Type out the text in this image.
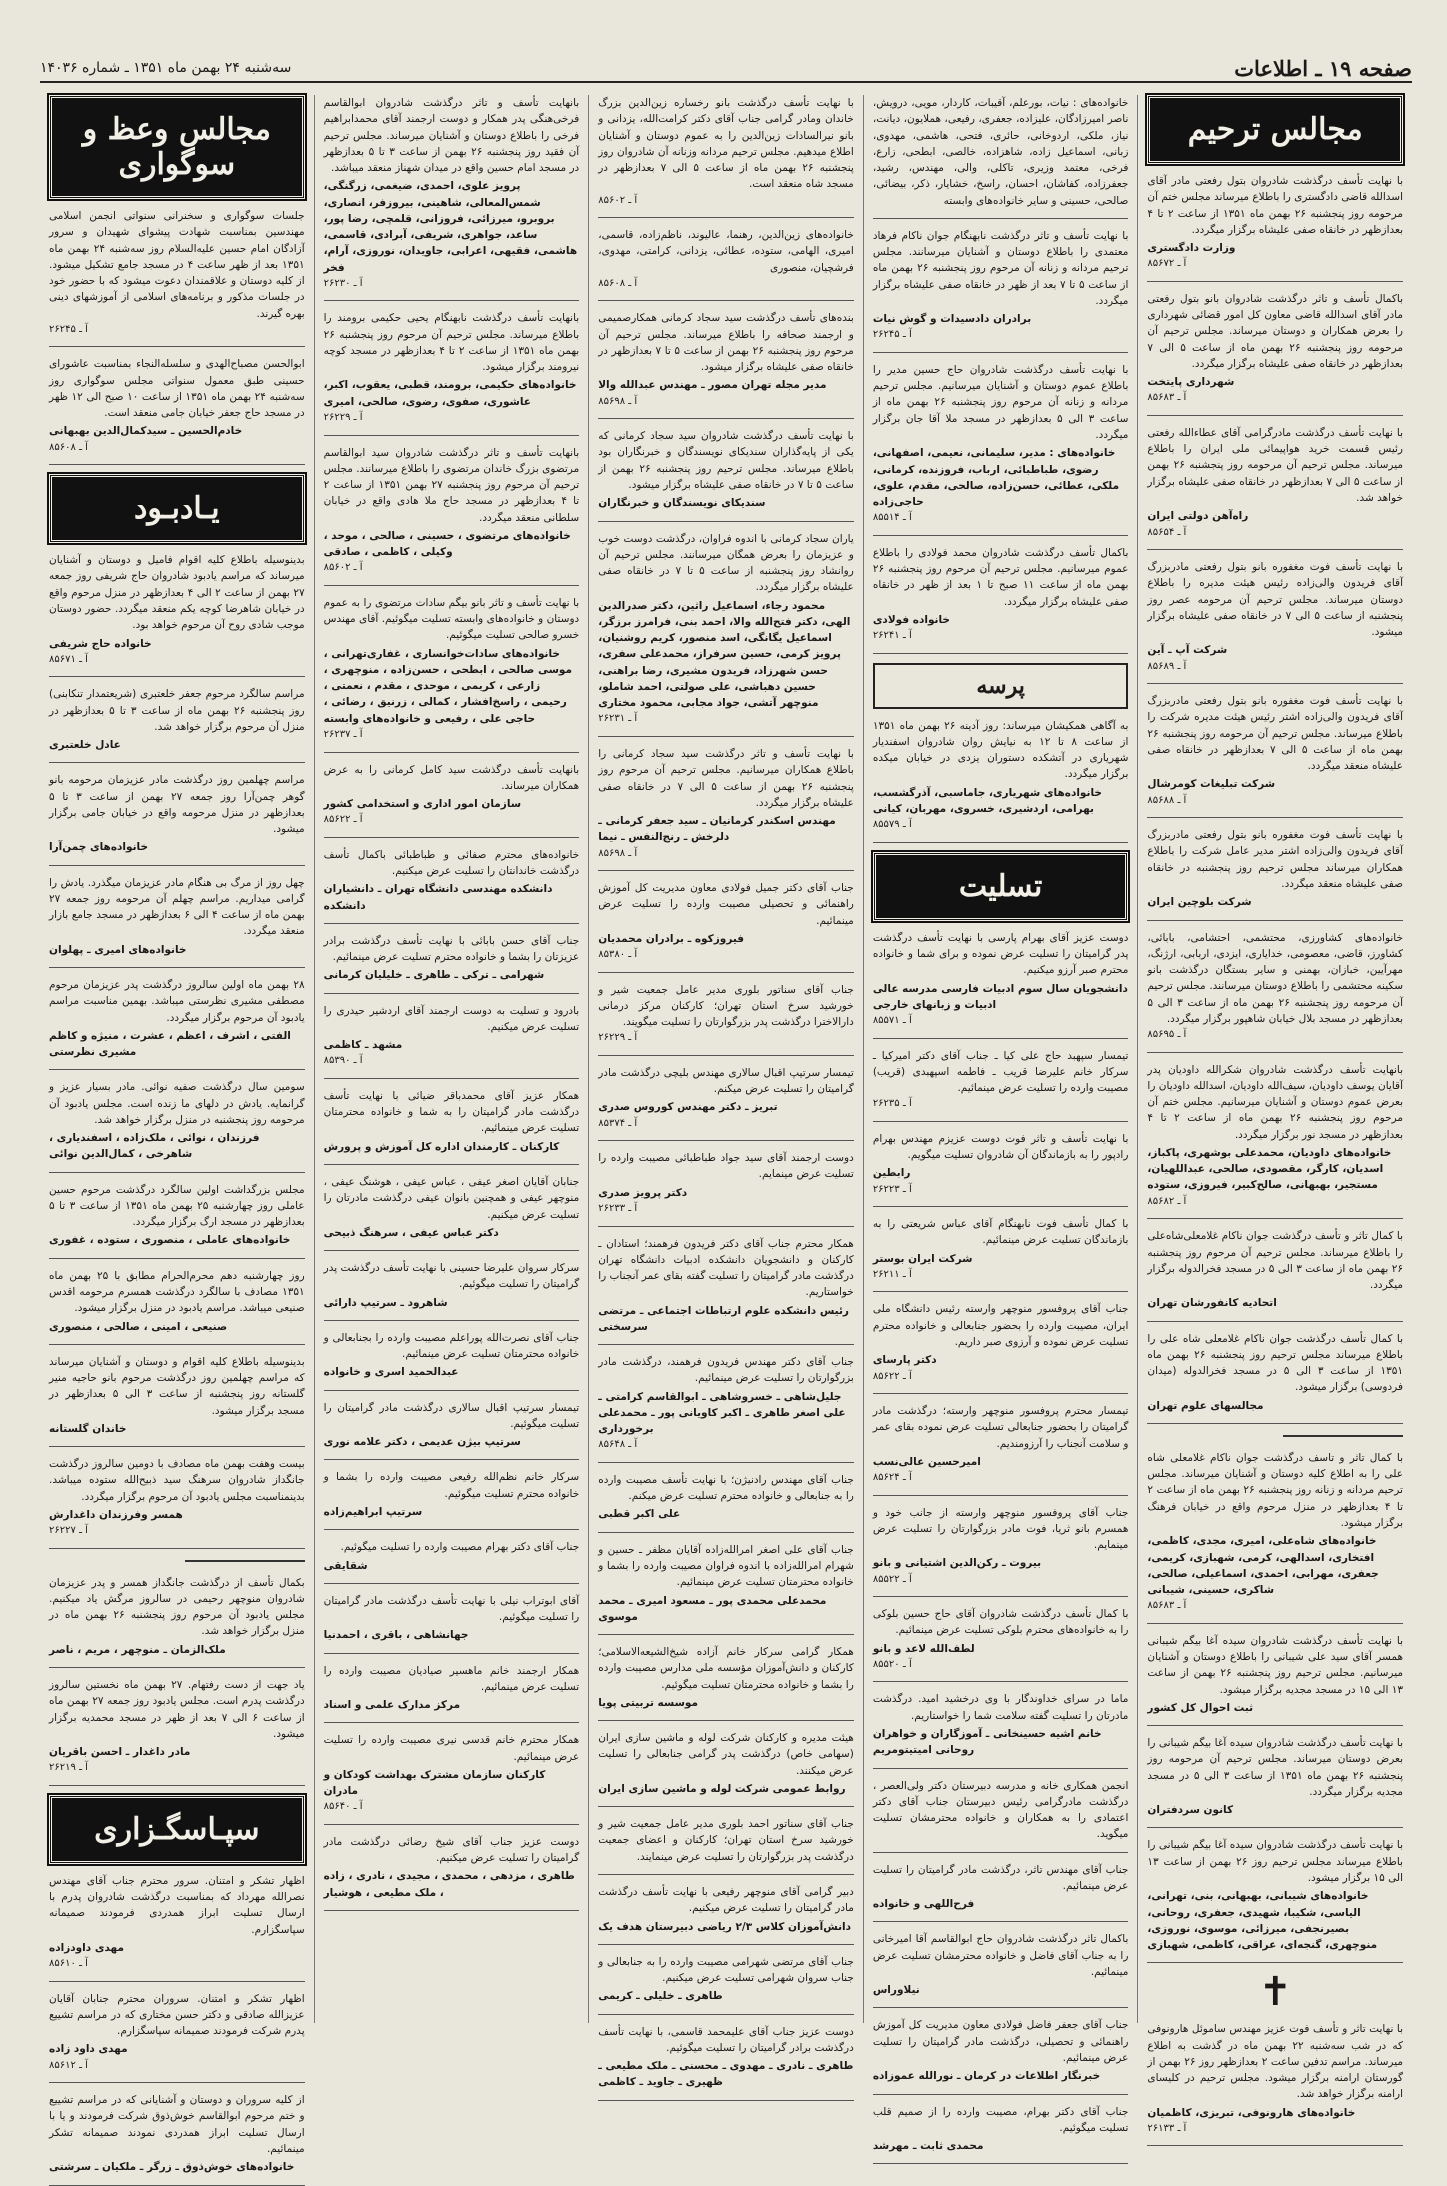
صفحه ۱۹ ـ اطلاعات
سه‌شنبه ۲۴ بهمن ماه ۱۳۵۱ ـ شماره ۱۴۰۳۶
مجالس ترحیم
با نهایت تأسف درگذشت شادروان بتول رفعتی مادر آقای اسدالله قاضی دادگستری را باطلاع میرساند مجلس ختم آن مرحومه روز پنجشنبه ۲۶ بهمن ماه ۱۳۵۱ از ساعت ۲ تا ۴ بعدازظهر در خانقاه صفی علیشاه برگزار میگردد.
وزارت دادگستری
آ ـ ۸۵۶۷۲
باکمال تأسف و تاثر درگذشت شادروان بانو بتول رفعتی مادر آقای اسدالله قاضی معاون کل امور قضائی شهرداری را بعرض همکاران و دوستان میرساند. مجلس ترحیم آن مرحومه روز پنجشنبه ۲۶ بهمن ماه از ساعت ۵ الی ۷ بعدازظهر در خانقاه صفی علیشاه برگزار میگردد.
شهرداری پایتخت
آ ـ ۸۵۶۸۳
با نهایت تأسف درگذشت مادرگرامی آقای عطاءالله رفعتی رئیس قسمت خرید هواپیمائی ملی ایران را باطلاع میرساند. مجلس ترحیم آن مرحومه روز پنجشنبه ۲۶ بهمن از ساعت ۵ الی ۷ بعدازظهر در خانقاه صفی علیشاه برگزار خواهد شد.
راه‌آهن دولتی ایران
آ ـ ۸۵۶۵۴
با نهایت تأسف فوت مغفوره بانو بتول رفعتی مادربزرگ آقای فریدون والی‌زاده رئیس هیئت مدیره را باطلاع دوستان میرساند. مجلس ترحیم آن مرحومه عصر روز پنجشنبه از ساعت ۵ الی ۷ در خانقاه صفی علیشاه برگزار میشود.
شرکت آپ ـ آین
آ ـ ۸۵۶۸۹
با نهایت تأسف فوت مغفوره بانو بتول رفعتی مادربزرگ آقای فریدون والی‌زاده اشتر رئیس هیئت مدیره شرکت را باطلاع میرساند. مجلس ترحیم آن مرحومه روز پنجشنبه ۲۶ بهمن ماه از ساعت ۵ الی ۷ بعدازظهر در خانقاه صفی علیشاه منعقد میگردد.
شرکت تبلیغات کومرشال
آ ـ ۸۵۶۸۸
با نهایت تأسف فوت مغفوره بانو بتول رفعتی مادربزرگ آقای فریدون والی‌زاده اشتر مدیر عامل شرکت را باطلاع همکاران میرساند مجلس ترحیم روز پنجشنبه در خانقاه صفی علیشاه منعقد میگردد.
شرکت بلوچین ایران
خانواده‌های کشاورزی، محتشمی، احتشامی، بابائی، کشاورز، قاضی، معصومی، خدایاری، ایزدی، اربابی، ارژنگ، مهرآیین، خبازان، بهمنی و سایر بستگان درگذشت بانو سکینه محتشمی را باطلاع دوستان میرسانند. مجلس ترحیم آن مرحومه روز پنجشنبه ۲۶ بهمن ماه از ساعت ۳ الی ۵ بعدازظهر در مسجد بلال خیابان شاهپور برگزار میگردد.
آ ـ ۸۵۶۹۵
بانهایت تأسف درگذشت شادروان شکرالله داودیان پدر آقایان یوسف داودیان، سیف‌الله داودیان، اسدالله داودیان را بعرض عموم دوستان و آشنایان میرسانیم. مجلس ختم آن مرحوم روز پنجشنبه ۲۶ بهمن ماه از ساعت ۲ تا ۴ بعدازظهر در مسجد نور برگزار میگردد.
خانواده‌های داودیان، محمدعلی بوشهری، پاکباز، اسدیان، کارگر، مقصودی، صالحی، عبداللهیان، مستجیر، بهبهانی، صالح‌کبیر، فیروزی، ستوده
آ ـ ۸۵۶۸۲
با کمال تاثر و تأسف درگذشت جوان ناکام غلامعلی‌شاه‌علی را باطلاع میرساند. مجلس ترحیم آن مرحوم روز پنجشنبه ۲۶ بهمن ماه از ساعت ۳ الی ۵ در مسجد فخرالدوله برگزار میگردد.
اتحادیه کانفورشان تهران
با کمال تأسف درگذشت جوان ناکام غلامعلی شاه علی را باطلاع میرساند مجلس ترحیم روز پنجشنبه ۲۶ بهمن ماه ۱۳۵۱ از ساعت ۳ الی ۵ در مسجد فخرالدوله (میدان فردوسی) برگزار میشود.
مجالسهای علوم تهران
با کمال تاثر و تاسف درگذشت جوان ناکام غلامعلی شاه علی را به اطلاع کلیه دوستان و آشنایان میرساند. مجلس ترحیم مردانه و زنانه روز پنجشنبه ۲۶ بهمن ماه از ساعت ۲ تا ۴ بعدازظهر در منزل مرحوم واقع در خیابان فرهنگ برگزار میشود.
خانواده‌های شاه‌علی، امیری، مجدی، کاظمی، افتخاری، اسدالهی، کرمی، شهبازی، کریمی، جعفری، مهرابی، احمدی، اسماعیلی، صالحی، شاکری، حسینی، شیبانی
آ ـ ۸۵۶۸۳
با نهایت تأسف درگذشت شادروان سیده آغا بیگم شیبانی همسر آقای سید علی شیبانی را باطلاع دوستان و آشنایان میرسانیم. مجلس ترحیم روز پنجشنبه ۲۶ بهمن از ساعت ۱۳ الی ۱۵ در مسجد مجدیه برگزار میشود.
ثبت احوال کل کشور
با نهایت تأسف درگذشت شادروان سیده آغا بیگم شیبانی را بعرض دوستان میرساند. مجلس ترحیم آن مرحومه روز پنجشنبه ۲۶ بهمن ماه ۱۳۵۱ از ساعت ۳ الی ۵ در مسجد مجدیه برگزار میگردد.
کانون سردفتران
با نهایت تأسف درگذشت شادروان سیده آغا بیگم شیبانی را باطلاع میرساند مجلس ترحیم روز ۲۶ بهمن از ساعت ۱۳ الی ۱۵ برگزار میشود.
خانواده‌های شیبانی، بهبهانی، بنی، تهرانی، الیاسی، شکیبا، شهیدی، جعفری، روحانی، بصیرنجفی، میرزائی، موسوی، نوروزی، منوچهری، گنجه‌ای، عراقی، کاظمی، شهبازی
✝
با نهایت تاثر و تأسف فوت عزیز مهندس ساموئل هارونوفی که در شب سه‌شنبه ۲۲ بهمن ماه در گذشت به اطلاع میرساند. مراسم تدفین ساعت ۲ بعدازظهر روز ۲۶ بهمن از گورستان ارامنه برگزار میشود. مجلس ترحیم در کلیسای ارامنه برگزار خواهد شد.
خانواده‌های هارونوفی، تبریزی، کاظمیان
آ ـ ۲۶۱۳۳
خانواده‌های : نیات، بورعلم، آقیبات، کاردار، مویی، درویش، ناصر امیرزادگان، علیزاده، جعفری، رفیعی، هملایون، دیانت، نیاز، ملکی، اردوخانی، حائری، فتحی، هاشمی، مهدوی، زبانی، اسماعیل زاده، شاهزاده، خالصی، ابطحی، زارع، فرخی، معتمد وزیری، تاکلی، والی، مهندس، رشید، جعفرزاده، کفاشان، احسان، راسخ، خشایار، ذکر، بیضائی، صالحی، حسینی و سایر خانواده‌های وابسته
با نهایت تأسف و تاثر درگذشت نابهنگام جوان ناکام فرهاد معتمدی را باطلاع دوستان و آشنایان میرسانند. مجلس ترحیم مردانه و زنانه آن مرحوم روز پنجشنبه ۲۶ بهمن ماه از ساعت ۵ تا ۷ بعد از ظهر در خانقاه صفی علیشاه برگزار میگردد.
برادران دادسیدات و گوش نیات
آ ـ ۲۶۲۴۵
با نهایت تأسف درگذشت شادروان حاج حسین مدیر را باطلاع عموم دوستان و آشنایان میرسانیم. مجلس ترحیم مردانه و زنانه آن مرحوم روز پنجشنبه ۲۶ بهمن ماه از ساعت ۳ الی ۵ بعدازظهر در مسجد ملا آقا جان برگزار میگردد.
خانواده‌های : مدیر، سلیمانی، نعیمی، اصفهانی، رضوی، طباطبائی، ارباب، فروزنده، کرمانی، ملکی، عطائی، حسن‌زاده، صالحی، مقدم، علوی، حاجی‌زاده
آ ـ ۸۵۵۱۴
باکمال تأسف درگذشت شادروان محمد فولادی را باطلاع عموم میرسانیم. مجلس ترحیم آن مرحوم روز پنجشنبه ۲۶ بهمن ماه از ساعت ۱۱ صبح تا ۱ بعد از ظهر در خانقاه صفی علیشاه برگزار میگردد.
خانواده فولادی
آ ـ ۲۶۲۴۱
پرسه
به آگاهی همکیشان میرساند: روز آدینه ۲۶ بهمن ماه ۱۳۵۱ از ساعت ۸ تا ۱۲ به نیایش روان شادروان اسفندیار شهریاری در آتشکده دستوران یزدی در خیابان میکده برگزار میگردد.
خانواده‌های شهریاری، جاماسبی، آذرگشسب، بهرامی، اردشیری، خسروی، مهربان، کیانی
آ ـ ۸۵۵۷۹
تسلیت
دوست عزیز آقای بهرام پارسی با نهایت تأسف درگذشت پدر گرامیتان را تسلیت عرض نموده و برای شما و خانواده محترم صبر آرزو میکنیم.
دانشجویان سال سوم ادبیات فارسی مدرسه عالی ادبیات و زبانهای خارجی
آ ـ ۸۵۵۷۱
تیمسار سپهبد حاج علی کیا ـ جناب آقای دکتر امیرکیا ـ سرکار خانم علیرضا قریب ـ فاطمه اسپهبدی (قریب) مصیبت وارده را تسلیت عرض مینمائیم.
آ ـ ۲۶۲۳۵
با نهایت تأسف و تاثر فوت دوست عزیزم مهندس بهرام رادپور را به بازماندگان آن شادروان تسلیت میگویم.
رابطین
آ ـ ۲۶۲۲۳
با کمال تأسف فوت نابهنگام آقای عباس شریعتی را به بازماندگان تسلیت عرض مینمائیم.
شرکت ایران بوستر
آ ـ ۲۶۲۱۱
جناب آقای پروفسور منوچهر وارسته رئیس دانشگاه ملی ایران، مصیبت وارده را بحضور جنابعالی و خانواده محترم تسلیت عرض نموده و آرزوی صبر داریم.
دکتر پارسای
آ ـ ۸۵۶۲۲
تیمسار محترم پروفسور منوچهر وارسته؛ درگذشت مادر گرامیتان را بحضور جنابعالی تسلیت عرض نموده بقای عمر و سلامت آنجناب را آرزومندیم.
امیرحسین عالی‌نسب
آ ـ ۸۵۶۲۴
جناب آقای پروفسور منوچهر وارسته از جانب خود و همسرم بانو ثریا، فوت مادر بزرگوارتان را تسلیت عرض مینمایم.
بیروت ـ رکن‌الدین اشتیانی و بانو
آ ـ ۸۵۵۲۲
با کمال تأسف درگذشت شادروان آقای حاج حسین بلوکی را به خانواده‌های محترم بلوکی تسلیت عرض مینمائیم.
لطف‌الله لاعد و بانو
آ ـ ۸۵۵۲۰
ماما در سرای خداوندگار با وی درخشید امید. درگذشت مادرتان را تسلیت گفته سلامت شما را خواستاریم.
خانم اشیه حسینخانی ـ آموزگاران و خواهران روحانی امیتیتومریم
انجمن همکاری خانه و مدرسه دبیرستان دکتر ولی‌العصر ، درگذشت مادرگرامی رئیس دبیرستان جناب آقای دکتر اعتمادی را به همکاران و خانواده محترمشان تسلیت میگوید.
جناب آقای مهندس تاثر، درگذشت مادر گرامیتان را تسلیت عرض مینمائیم.
فرح‌اللهی و خانواده
باکمال تاثر درگذشت شادروان حاج ابوالقاسم آقا امیرخانی را به جناب آقای فاضل و خانواده محترمشان تسلیت عرض مینمائیم.
نیلاوراس
جناب آقای جعفر فاضل فولادی معاون مدیریت کل آموزش راهنمائی و تحصیلی، درگذشت مادر گرامیتان را تسلیت عرض مینمائیم.
خبرنگار اطلاعات در کرمان ـ نورالله عموزاده
جناب آقای دکتر بهرام، مصیبت وارده را از صمیم قلب تسلیت میگوئیم.
محمدی ثابت ـ مهرشد
با نهایت تأسف درگذشت بانو رخساره زین‌الدین بزرگ خاندان ومادر گرامی جناب آقای دکتر کرامت‌الله، یزدانی و بانو نیرالسادات زین‌الدین را به عموم دوستان و آشنایان اطلاع میدهیم. مجلس ترحیم مردانه وزنانه آن شادروان روز پنجشنبه ۲۶ بهمن ماه از ساعت ۵ الی ۷ بعدازظهر در مسجد شاه منعقد است.
آ ـ ۸۵۶۰۲
خانواده‌های زین‌الدین، رهنما، عالیوند، ناظم‌زاده، قاسمی، امیری، الهامی، ستوده، عطائی، یزدانی، کرامتی، مهدوی، فرشچیان، منصوری
آ ـ ۸۵۶۰۸
بنده‌های تأسف درگذشت سید سجاد کرمانی همکارصمیمی و ارجمند صحافه را باطلاع میرساند. مجلس ترحیم آن مرحوم روز پنجشنبه ۲۶ بهمن از ساعت ۵ تا ۷ بعدازظهر در خانقاه صفی علیشاه برگزار میشود.
مدیر مجله تهران مصور ـ مهندس عبدالله والا
آ ـ ۸۵۶۹۸
با نهایت تأسف درگذشت شادروان سید سجاد کرمانی که یکی از پایه‌گذاران سندیکای نویسندگان و خبرنگاران بود باطلاع میرساند. مجلس ترحیم روز پنجشنبه ۲۶ بهمن از ساعت ۵ تا ۷ در خانقاه صفی علیشاه برگزار میشود.
سندیکای نویسندگان و خبرنگاران
یاران سجاد کرمانی با اندوه فراوان، درگذشت دوست خوب و عزیزمان را بعرض همگان میرسانند. مجلس ترحیم آن روانشاد روز پنجشنبه از ساعت ۵ تا ۷ در خانقاه صفی علیشاه برگزار میگردد.
محمود رجاء، اسماعیل راثین، دکتر صدرالدین الهی، دکتر فتح‌الله والا، احمد بنی، فرامرز برزگر، اسماعیل یگانگی، اسد منصور، کریم روشنیان، پرویز کرمی، حسین سرفراز، محمدعلی سفری، حسن شهرزاد، فریدون مشیری، رضا براهنی، حسین دهباشی، علی صولتی، احمد شاملو، منوچهر آتشی، جواد مجابی، محمود مختاری
آ ـ ۲۶۲۳۱
با نهایت تأسف و تاثر درگذشت سید سجاد کرمانی را باطلاع همکاران میرسانیم. مجلس ترحیم آن مرحوم روز پنجشنبه ۲۶ بهمن از ساعت ۵ الی ۷ در خانقاه صفی علیشاه برگزار میگردد.
مهندس اسکندر کرمانیان ـ سید جعفر کرمانی ـ دلرخش ـ رنج‌النفس ـ نیما
آ ـ ۸۵۶۹۸
جناب آقای دکتر جمیل فولادی معاون مدیریت کل آموزش راهنمائی و تحصیلی مصیبت وارده را تسلیت عرض مینمائیم.
فیروزکوه ـ برادران محمدیان
آ ـ ۸۵۳۸۰
جناب آقای سناتور بلوری مدیر عامل جمعیت شیر و خورشید سرخ استان تهران؛ کارکنان مرکز درمانی دارالاخترا درگذشت پدر بزرگوارتان را تسلیت میگویند.
آ ـ ۲۶۲۲۹
تیمسار سرتیپ اقبال سالاری مهندس بلیچی درگذشت مادر گرامیتان را تسلیت عرض میکنم.
تبریز ـ دکتر مهندس کوروس صدری
آ ـ ۸۵۳۷۴
دوست ارجمند آقای سید جواد طباطبائی مصیبت وارده را تسلیت عرض مینمایم.
دکتر پرویز صدری
آ ـ ۲۶۲۳۳
همکار محترم جناب آقای دکتر فریدون فرهمند؛ استادان ـ کارکنان و دانشجویان دانشکده ادبیات دانشگاه تهران درگذشت مادر گرامیتان را تسلیت گفته بقای عمر آنجناب را خواستاریم.
رئیس دانشکده علوم ارتباطات اجتماعی ـ مرتضی سرسختی
جناب آقای دکتر مهندس فریدون فرهمند، درگذشت مادر بزرگوارتان را تسلیت عرض مینمائیم.
جلیل‌شاهی ـ خسروشاهی ـ ابوالقاسم کرامتی ـ علی اصغر طاهری ـ اکبر کاویانی پور ـ محمدعلی برخورداری
آ ـ ۸۵۶۴۸
جناب آقای مهندس رادنیژن؛ با نهایت تأسف مصیبت وارده را به جنابعالی و خانواده محترم تسلیت عرض میکنم.
علی اکبر قطبی
جناب آقای علی اصغر امرالله‌زاده آقایان مظفر ـ حسین و شهرام امرالله‌زاده با اندوه فراوان مصیبت وارده را بشما و خانواده محترمتان تسلیت عرض مینمائیم.
محمدعلی محمدی پور ـ مسعود امیری ـ محمد موسوی
همکار گرامی سرکار خانم آزاده شیخ‌الشیعه‌الاسلامی؛ کارکنان و دانش‌آموزان مؤسسه ملی مدارس مصیبت وارده را بشما و خانواده محترمتان تسلیت میگوئیم.
موسسه تربیتی پویا
هیئت مدیره و کارکنان شرکت لوله و ماشین سازی ایران (سهامی خاص) درگذشت پدر گرامی جنابعالی را تسلیت عرض میکنند.
روابط عمومی شرکت لوله و ماشین سازی ایران
جناب آقای سناتور احمد بلوری مدیر عامل جمعیت شیر و خورشید سرخ استان تهران؛ کارکنان و اعضای جمعیت درگذشت پدر بزرگوارتان را تسلیت عرض مینمایند.
دبیر گرامی آقای منوچهر رفیعی با نهایت تأسف درگذشت مادر گرامیتان را تسلیت عرض میکنیم.
دانش‌آموزان کلاس ۲/۳ ریاضی دبیرستان هدف یک
جناب آقای مرتضی شهرامی مصیبت وارده را به جنابعالی و جناب سروان شهرامی تسلیت عرض میکنیم.
طاهری ـ خلیلی ـ کریمی
دوست عزیز جناب آقای علیمحمد قاسمی، با نهایت تأسف درگذشت برادر گرامیتان را تسلیت میگوئیم.
طاهری ـ نادری ـ مهدوی ـ محسنی ـ ملک مطیعی ـ ظهیری ـ جاوید ـ کاظمی
بانهایت تأسف و تاثر درگذشت شادروان ابوالقاسم فرخی‌هنگی پدر همکار و دوست ارجمند آقای محمدابراهیم فرخی را باطلاع دوستان و آشنایان میرساند. مجلس ترحیم آن فقید روز پنجشنبه ۲۶ بهمن از ساعت ۳ تا ۵ بعدازظهر در مسجد امام حسین واقع در میدان شهناز منعقد میباشد.
پرویز علوی، احمدی، ضیغمی، زرگنگی، شمس‌المعالی، شاهینی، بیروزفر، انصاری، بروبرو، میرزائی، فروزانی، قلمچی، رضا پور، ساعد، جواهری، شریفی، آبرادی، قاسمی، هاشمی، فقیهی، اعرابی، جاویدان، نوروزی، آرام، فخر
آ ـ ۲۶۲۳۰
بانهایت تأسف درگذشت نابهنگام یحیی حکیمی برومند را باطلاع میرساند. مجلس ترحیم آن مرحوم روز پنجشنبه ۲۶ بهمن ماه ۱۳۵۱ از ساعت ۲ تا ۴ بعدازظهر در مسجد کوچه نیرومند برگزار میشود.
خانواده‌های حکیمی، برومند، قطبی، یعقوب، اکبر، عاشوری، صفوی، رضوی، صالحی، امیری
آ ـ ۲۶۲۲۹
بانهایت تأسف و تاثر درگذشت شادروان سید ابوالقاسم مرتضوی بزرگ خاندان مرتضوی را باطلاع میرسانند. مجلس ترحیم آن مرحوم روز پنجشنبه ۲۷ بهمن ۱۳۵۱ از ساعت ۲ تا ۴ بعدازظهر در مسجد حاج ملا هادی واقع در خیابان سلطانی منعقد میگردد.
خانواده‌های مرتضوی ، حسینی ، صالحی ، موحد ، وکیلی ، کاظمی ، صادقی
آ ـ ۸۵۶۰۲
با نهایت تأسف و تاثر بانو بیگم سادات مرتضوی را به عموم دوستان و خانواده‌های وابسته تسلیت میگوئیم. آقای مهندس خسرو صالحی تسلیت میگوئیم.
خانواده‌های سادات‌خوانساری ، غفاری‌تهرانی ، موسی صالحی ، ابطحی ، حسن‌زاده ، منوچهری ، زارعی ، کریمی ، موحدی ، مقدم ، نعمتی ، رحیمی ، راسخ‌افشار ، کمالی ، زرنیق ، رضائی ، حاجی علی ، رفیعی و خانواده‌های وابسته
آ ـ ۲۶۲۳۷
بانهایت تأسف درگذشت سید کامل کرمانی را به عرض همکاران میرساند.
سازمان امور اداری و استخدامی کشور
آ ـ ۸۵۶۲۲
خانواده‌های محترم صفائی و طباطبائی باکمال تأسف درگذشت خاندانتان را تسلیت عرض میکنیم.
دانشکده مهندسی دانشگاه تهران ـ دانشیاران دانشکده
جناب آقای حسن بابائی با نهایت تأسف درگذشت برادر عزیزتان را بشما و خانواده محترم تسلیت عرض مینمائیم.
شهرامی ـ ترکی ـ طاهری ـ خلیلیان کرمانی
بادرود و تسلیت به دوست ارجمند آقای اردشیر حیدری را تسلیت عرض میکنیم.
مشهد ـ کاظمی
آ ـ ۸۵۳۹۰
همکار عزیز آقای محمدباقر ضیائی با نهایت تأسف درگذشت مادر گرامیتان را به شما و خانواده محترمتان تسلیت عرض مینمائیم.
کارکنان ـ کارمندان اداره کل آموزش و پرورش
جنابان آقایان اصغر عیفی ، عباس عیفی ، هوشنگ عیفی ، منوچهر عیفی و همچنین بانوان عیفی درگذشت مادرتان را تسلیت عرض میکنیم.
دکتر عباس عیفی ، سرهنگ ذبیحی
سرکار سروان علیرضا حسینی با نهایت تأسف درگذشت پدر گرامیتان را تسلیت میگوئیم.
شاهرود ـ سرتیپ دارائی
جناب آقای نصرت‌الله پوراعلم مصیبت وارده را بجنابعالی و خانواده محترمتان تسلیت عرض مینمائیم.
عبدالحمید اسری و خانواده
تیمسار سرتیپ اقبال سالاری درگذشت مادر گرامیتان را تسلیت میگوئیم.
سرتیپ بیژن عدیمی ، دکتر علامه نوری
سرکار خانم نظم‌الله رفیعی مصیبت وارده را بشما و خانواده محترم تسلیت میگوئیم.
سرتیپ ابراهیم‌زاده
جناب آقای دکتر بهرام مصیبت وارده را تسلیت میگوئیم.
شقایقی
آقای ابوتراب نیلی با نهایت تأسف درگذشت مادر گرامیتان را تسلیت میگوئیم.
جهانشاهی ، باقری ، احمدنیا
همکار ارجمند خانم ماهسیر صیادیان مصیبت وارده را تسلیت عرض مینمائیم.
مرکز مدارک علمی و اسناد
همکار محترم خانم قدسی نیری مصیبت وارده را تسلیت عرض مینمائیم.
کارکنان سازمان مشترک بهداشت کودکان و مادران
آ ـ ۸۵۶۴۰
دوست عزیز جناب آقای شیخ رضائی درگذشت مادر گرامیتان را تسلیت عرض میکنیم.
طاهری ، مزدهی ، محمدی ، مجیدی ، نادری ، زاده ، ملک مطیعی ، هوشیار
مجالس وعظ و سوگواری
جلسات سوگواری و سخنرانی سنواتی انجمن اسلامی مهندسین بمناسبت شهادت پیشوای شهیدان و سرور آزادگان امام حسین علیه‌السلام روز سه‌شنبه ۲۴ بهمن ماه ۱۳۵۱ بعد از ظهر ساعت ۴ در مسجد جامع تشکیل میشود. از کلیه دوستان و علاقمندان دعوت میشود که با حضور خود در جلسات مذکور و برنامه‌های اسلامی از آموزشهای دینی بهره گیرند.
آ ـ ۲۶۲۴۵
ابوالحسن مصباح‌الهدی و سلسله‌النجاء بمناسبت عاشورای حسینی طبق معمول سنواتی مجلس سوگواری روز سه‌شنبه ۲۴ بهمن ماه ۱۳۵۱ از ساعت ۱۰ صبح الی ۱۲ ظهر در مسجد حاج جعفر خیابان جامی منعقد است.
خادم‌الحسین ـ سیدکمال‌الدین بهبهانی
آ ـ ۸۵۶۰۸
یـادبـود
بدینوسیله باطلاع کلیه اقوام فامیل و دوستان و آشنایان میرساند که مراسم یادبود شادروان حاج شریفی روز جمعه ۲۷ بهمن از ساعت ۲ الی ۴ بعدازظهر در منزل مرحوم واقع در خیابان شاهرضا کوچه یکم منعقد میگردد. حضور دوستان موجب شادی روح آن مرحوم خواهد بود.
خانواده حاج شریفی
آ ـ ۸۵۶۷۱
مراسم سالگرد مرحوم جعفر خلعتبری (شریعتمدار تنکابنی) روز پنجشنبه ۲۶ بهمن ماه از ساعت ۳ تا ۵ بعدازظهر در منزل آن مرحوم برگزار خواهد شد.
عادل خلعتبری
مراسم چهلمین روز درگذشت مادر عزیزمان مرحومه بانو گوهر چمن‌آرا روز جمعه ۲۷ بهمن از ساعت ۳ تا ۵ بعدازظهر در منزل مرحومه واقع در خیابان جامی برگزار میشود.
خانواده‌های چمن‌آرا
چهل روز از مرگ بی هنگام مادر عزیزمان میگذرد. یادش را گرامی میداریم. مراسم چهلم آن مرحومه روز جمعه ۲۷ بهمن ماه از ساعت ۴ الی ۶ بعدازظهر در مسجد جامع بازار منعقد میگردد.
خانواده‌های امیری ـ پهلوان
۲۸ بهمن ماه اولین سالروز درگذشت پدر عزیزمان مرحوم مصطفی مشیری نظرستی میباشد. بهمین مناسبت مراسم یادبود آن مرحوم برگزار میگردد.
الفتی ، اشرف ، اعظم ، عشرت ، منیژه و کاظم مشیری نظرستی
سومین سال درگذشت صفیه نوائی. مادر بسیار عزیز و گرانمایه. یادش در دلهای ما زنده است. مجلس یادبود آن مرحومه روز پنجشنبه در منزل برگزار خواهد شد.
فرزندان ، نوائی ، ملک‌زاده ، اسفندیاری ، شاهرخی ، کمال‌الدین نوائی
مجلس بزرگداشت اولین سالگرد درگذشت مرحوم حسین عاملی روز چهارشنبه ۲۵ بهمن ماه ۱۳۵۱ از ساعت ۳ تا ۵ بعدازظهر در مسجد ارگ برگزار میگردد.
خانواده‌های عاملی ، منصوری ، ستوده ، غفوری
روز چهارشنبه دهم محرم‌الحرام مطابق با ۲۵ بهمن ماه ۱۳۵۱ مصادف با سالگرد درگذشت همسرم مرحومه اقدس صنیعی میباشد. مراسم یادبود در منزل برگزار میشود.
صنیعی ، امینی ، صالحی ، منصوری
بدینوسیله باطلاع کلیه اقوام و دوستان و آشنایان میرساند که مراسم چهلمین روز درگذشت مرحوم بانو حاجیه منیر گلستانه روز پنجشنبه از ساعت ۳ الی ۵ بعدازظهر در مسجد برگزار میشود.
خاندان گلستانه
بیست وهفت بهمن ماه مصادف با دومین سالروز درگذشت جانگداز شادروان سرهنگ سید ذبیح‌الله ستوده میباشد. بدینمناسبت مجلس یادبود آن مرحوم برگزار میگردد.
همسر وفرزندان داغدارش
آ ـ ۲۶۲۲۷
بکمال تأسف از درگذشت جانگداز همسر و پدر عزیزمان شادروان منوچهر رحیمی در سالروز مرگش یاد میکنیم. مجلس یادبود آن مرحوم روز پنجشنبه ۲۶ بهمن ماه در منزل برگزار خواهد شد.
ملک‌الزمان ـ منوچهر ، مریم ، ناصر
یاد جهت از دست رفتهام. ۲۷ بهمن ماه نخستین سالروز درگذشت پدرم است. مجلس یادبود روز جمعه ۲۷ بهمن ماه از ساعت ۶ الی ۷ بعد از ظهر در مسجد محمدیه برگزار میشود.
مادر داغدار ـ احسن باقریان
آ ـ ۲۶۲۱۹
سپـاسگـزاری
اظهار تشکر و امتنان. سرور محترم جناب آقای مهندس نصرالله مهرداد که بمناسبت درگذشت شادروان پدرم با ارسال تسلیت ابراز همدردی فرمودند صمیمانه سپاسگزارم.
مهدی داودزاده
آ ـ ۸۵۶۱۰
اظهار تشکر و امتنان. سروران محترم جنابان آقایان عزیزالله صادقی و دکتر حسن مختاری که در مراسم تشییع پدرم شرکت فرمودند صمیمانه سپاسگزارم.
مهدی داود زاده
آ ـ ۸۵۶۱۲
از کلیه سروران و دوستان و آشنایانی که در مراسم تشییع و ختم مرحوم ابوالقاسم خوش‌ذوق شرکت فرمودند و یا با ارسال تسلیت ابراز همدردی نمودند صمیمانه تشکر مینمائیم.
خانواده‌های خوش‌ذوق ـ زرگر ـ ملکیان ـ سرشتی
